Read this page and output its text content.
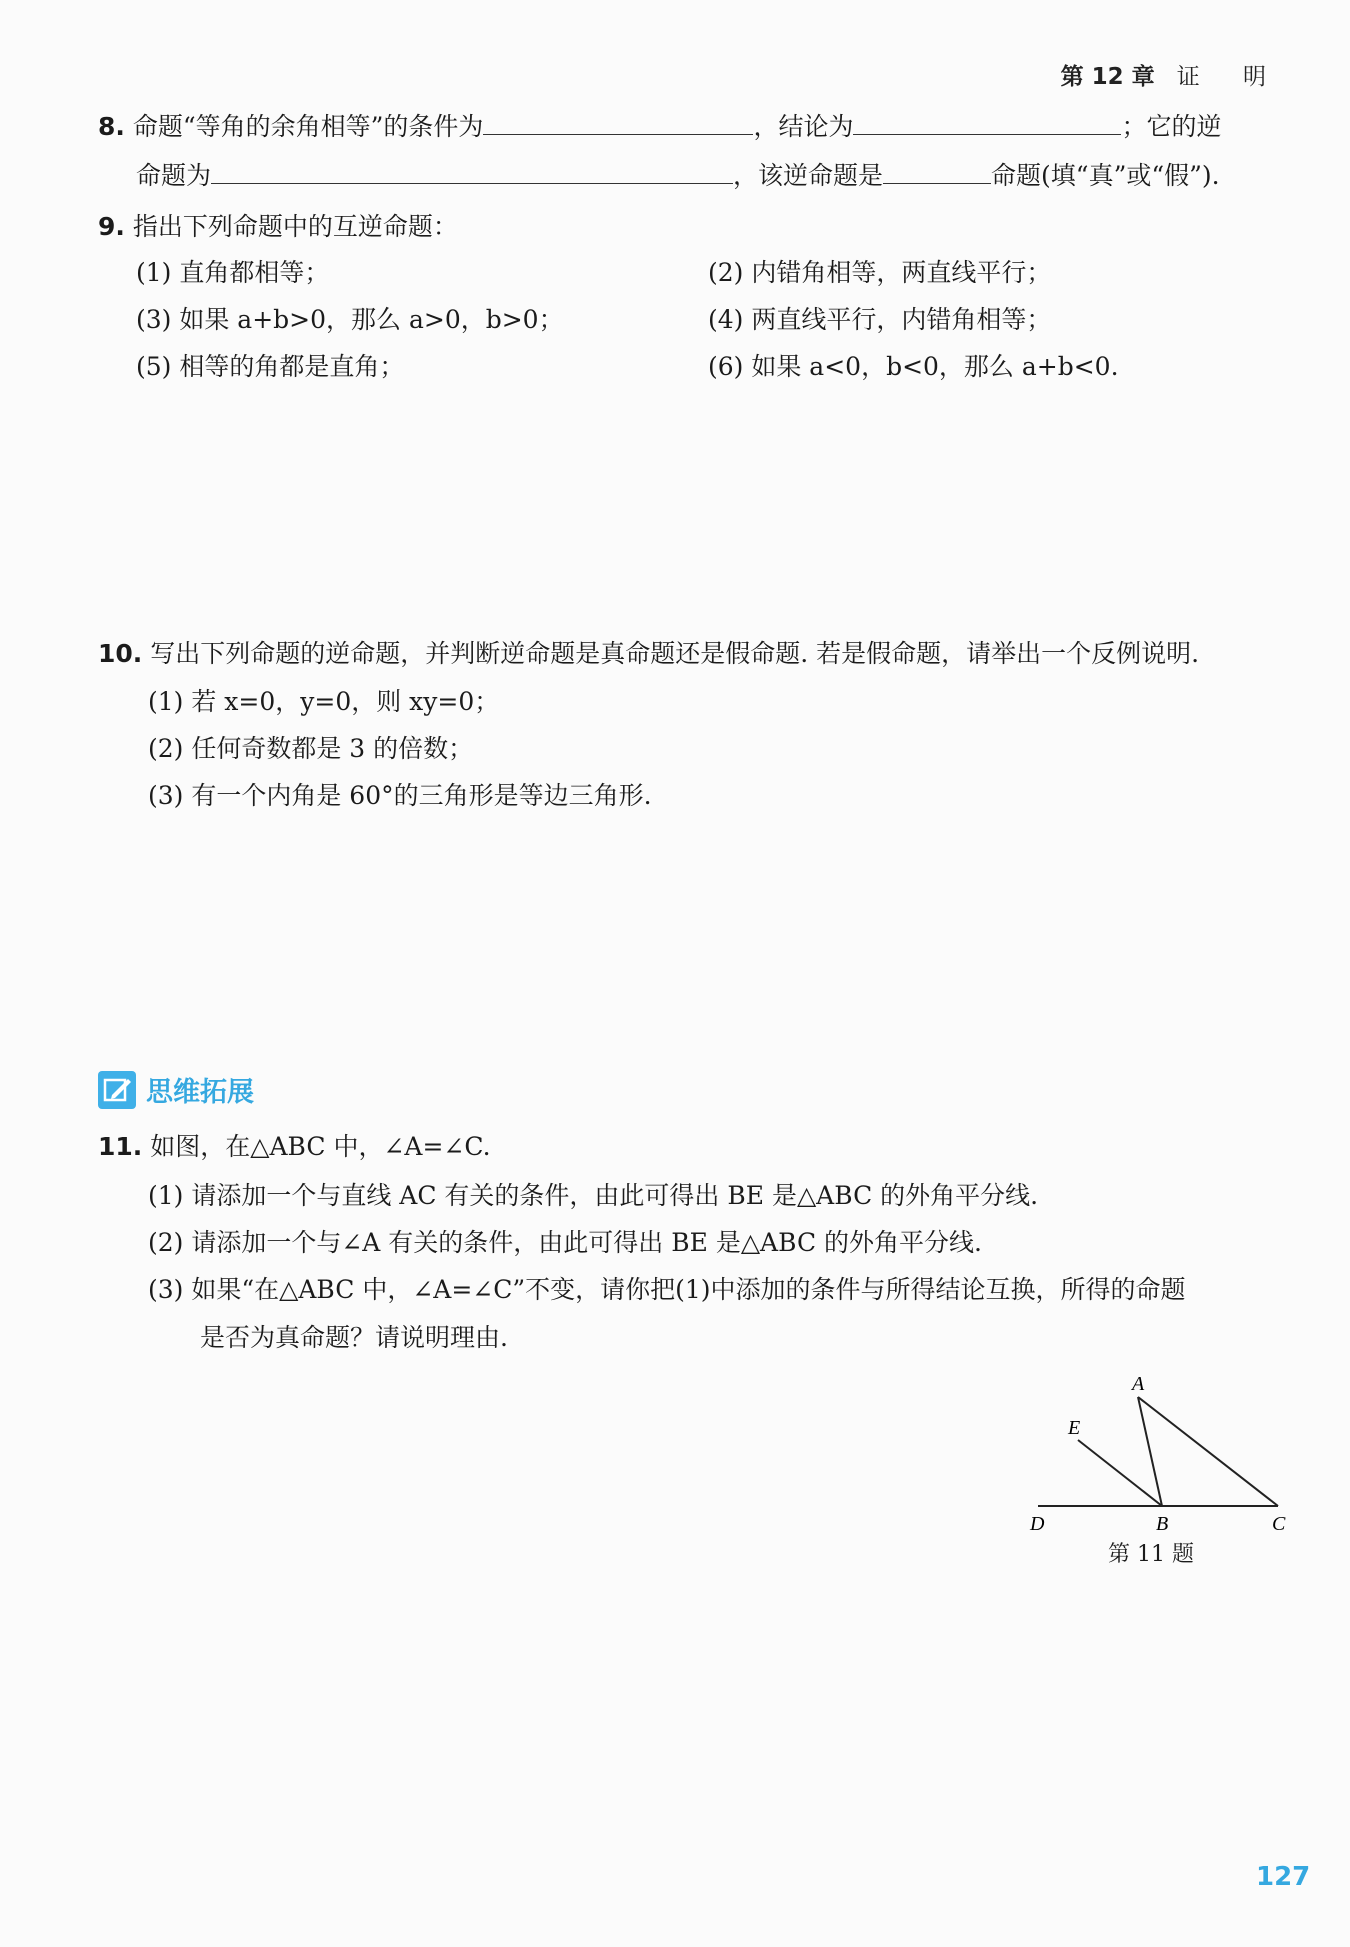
第 12 章 证 明
8. 命题“等角的余角相等”的条件为	，结论为	；它的逆
命题为	，该逆命题是	命题(填“真”或“假”).
9. 指出下列命题中的互逆命题：
(1) 直角都相等；	(2) 内错角相等，两直线平行；
(3) 如果 a+b>0，那么 a>0，b>0；	(4) 两直线平行，内错角相等；
(5) 相等的角都是直角；	(6) 如果 a<0，b<0，那么 a+b<0.
10. 写出下列命题的逆命题，并判断逆命题是真命题还是假命题. 若是假命题，请举出一个反例说明.
(1) 若 x=0，y=0，则 xy=0；
(2) 任何奇数都是 3 的倍数；
(3) 有一个内角是 60°的三角形是等边三角形.
思维拓展
11. 如图，在△ABC 中，∠A=∠C.
(1) 请添加一个与直线 AC 有关的条件，由此可得出 BE 是△ABC 的外角平分线.
(2) 请添加一个与∠A 有关的条件，由此可得出 BE 是△ABC 的外角平分线.
(3) 如果“在△ABC 中，∠A=∠C”不变，请你把(1)中添加的条件与所得结论互换，所得的命题
是否为真命题？请说明理由.
A
E
D	B	C
第 11 题
127
